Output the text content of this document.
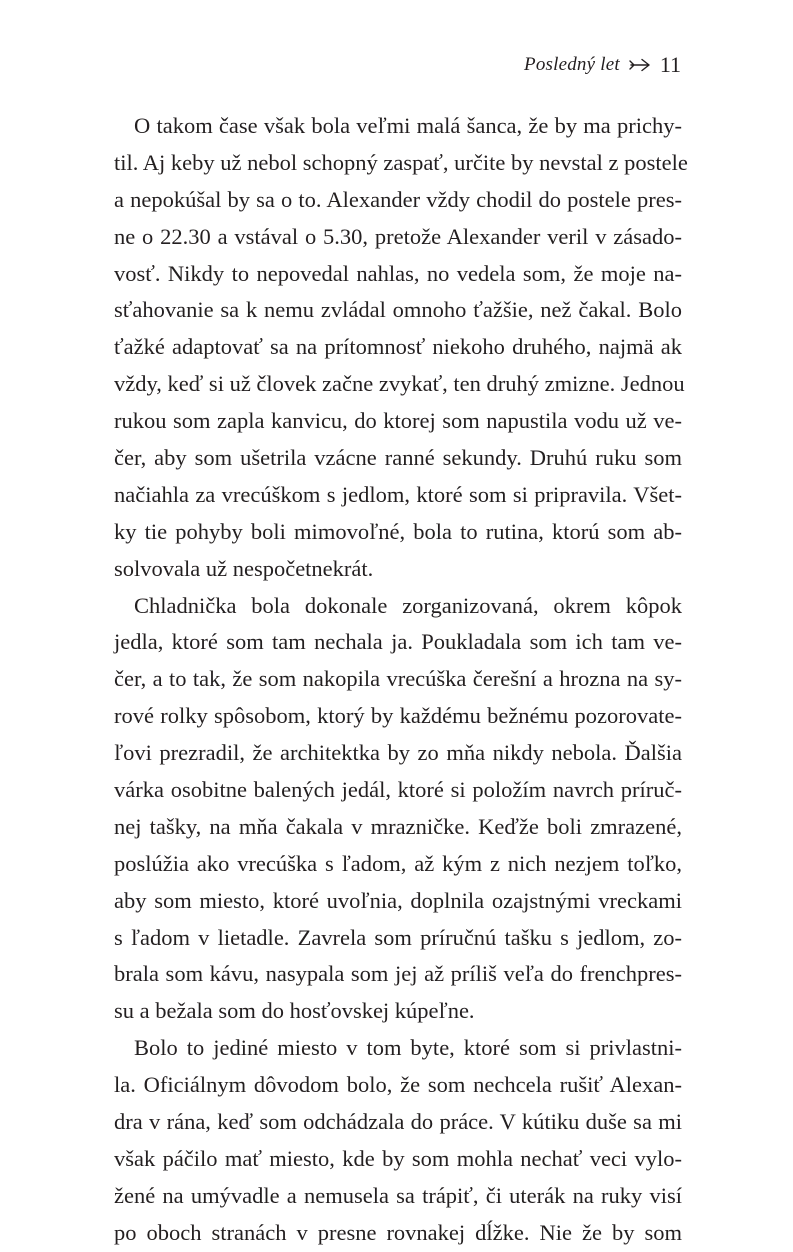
Posledný let 11
O takom čase však bola veľmi malá šanca, že by ma prichy-
til. Aj keby už nebol schopný zaspať, určite by nevstal z postele
a nepokúšal by sa o to. Alexander vždy chodil do postele pres-
ne o 22.30 a vstával o 5.30, pretože Alexander veril v zásado-
vosť. Nikdy to nepovedal nahlas, no vedela som, že moje na-
sťahovanie sa k nemu zvládal omnoho ťažšie, než čakal. Bolo
ťažké adaptovať sa na prítomnosť niekoho druhého, najmä ak
vždy, keď si už človek začne zvykať, ten druhý zmizne. Jednou
rukou som zapla kanvicu, do ktorej som napustila vodu už ve-
čer, aby som ušetrila vzácne ranné sekundy. Druhú ruku som
načiahla za vrecúškom s jedlom, ktoré som si pripravila. Všet-
ky tie pohyby boli mimovoľné, bola to rutina, ktorú som ab-
solvovala už nespočetnekrát.
Chladnička bola dokonale zorganizovaná, okrem kôpok
jedla, ktoré som tam nechala ja. Poukladala som ich tam ve-
čer, a to tak, že som nakopila vrecúška čerešní a hrozna na sy-
rové rolky spôsobom, ktorý by každému bežnému pozorovate-
ľovi prezradil, že architektka by zo mňa nikdy nebola. Ďalšia
várka osobitne balených jedál, ktoré si položím navrch príruč-
nej tašky, na mňa čakala v mrazničke. Keďže boli zmrazené,
poslúžia ako vrecúška s ľadom, až kým z nich nezjem toľko,
aby som miesto, ktoré uvoľnia, doplnila ozajstnými vreckami
s ľadom v lietadle. Zavrela som príručnú tašku s jedlom, zo-
brala som kávu, nasypala som jej až príliš veľa do frenchpres-
su a bežala som do hosťovskej kúpeľne.
Bolo to jediné miesto v tom byte, ktoré som si privlastni-
la. Oficiálnym dôvodom bolo, že som nechcela rušiť Alexan-
dra v rána, keď som odchádzala do práce. V kútiku duše sa mi
však páčilo mať miesto, kde by som mohla nechať veci vylo-
žené na umývadle a nemusela sa trápiť, či uterák na ruky visí
po oboch stranách v presne rovnakej dĺžke. Nie že by som
